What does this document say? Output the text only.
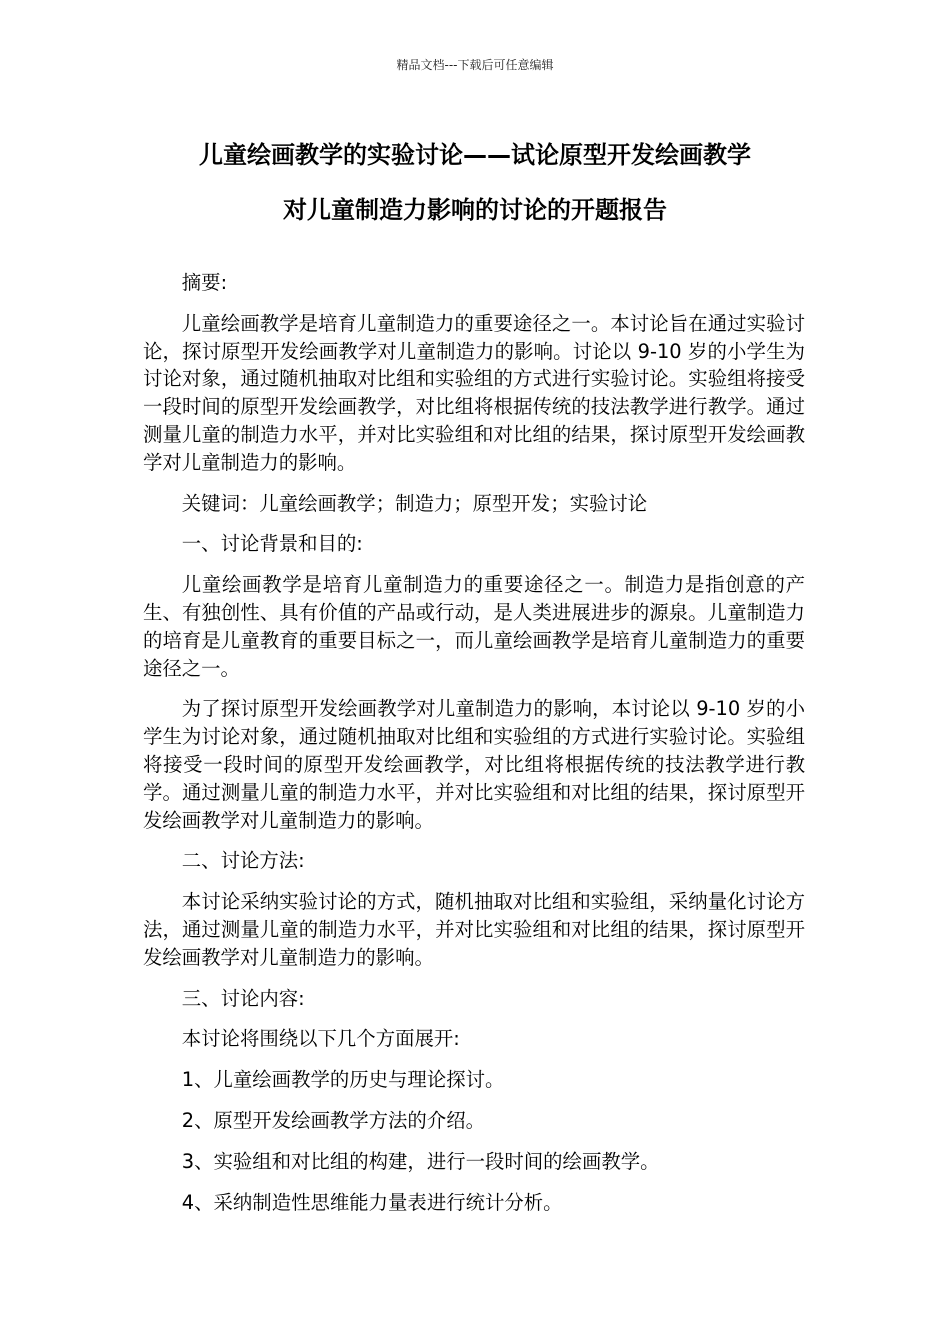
精品文档---下载后可任意编辑
儿童绘画教学的实验讨论——试论原型开发绘画教学
对儿童制造力影响的讨论的开题报告

摘要:

儿童绘画教学是培育儿童制造力的重要途径之一。本讨论旨在通过实验讨论，探讨原型开发绘画教学对儿童制造力的影响。讨论以 9-10 岁的小学生为讨论对象，通过随机抽取对比组和实验组的方式进行实验讨论。实验组将接受一段时间的原型开发绘画教学，对比组将根据传统的技法教学进行教学。通过测量儿童的制造力水平，并对比实验组和对比组的结果，探讨原型开发绘画教学对儿童制造力的影响。

关键词：儿童绘画教学；制造力；原型开发；实验讨论

一、讨论背景和目的:

儿童绘画教学是培育儿童制造力的重要途径之一。制造力是指创意的产生、有独创性、具有价值的产品或行动，是人类进展进步的源泉。儿童制造力的培育是儿童教育的重要目标之一，而儿童绘画教学是培育儿童制造力的重要途径之一。

为了探讨原型开发绘画教学对儿童制造力的影响，本讨论以 9-10 岁的小学生为讨论对象，通过随机抽取对比组和实验组的方式进行实验讨论。实验组将接受一段时间的原型开发绘画教学，对比组将根据传统的技法教学进行教学。通过测量儿童的制造力水平，并对比实验组和对比组的结果，探讨原型开发绘画教学对儿童制造力的影响。

二、讨论方法:

本讨论采纳实验讨论的方式，随机抽取对比组和实验组，采纳量化讨论方法，通过测量儿童的制造力水平，并对比实验组和对比组的结果，探讨原型开发绘画教学对儿童制造力的影响。

三、讨论内容:

本讨论将围绕以下几个方面展开:

1、儿童绘画教学的历史与理论探讨。

2、原型开发绘画教学方法的介绍。

3、实验组和对比组的构建，进行一段时间的绘画教学。

4、采纳制造性思维能力量表进行统计分析。
